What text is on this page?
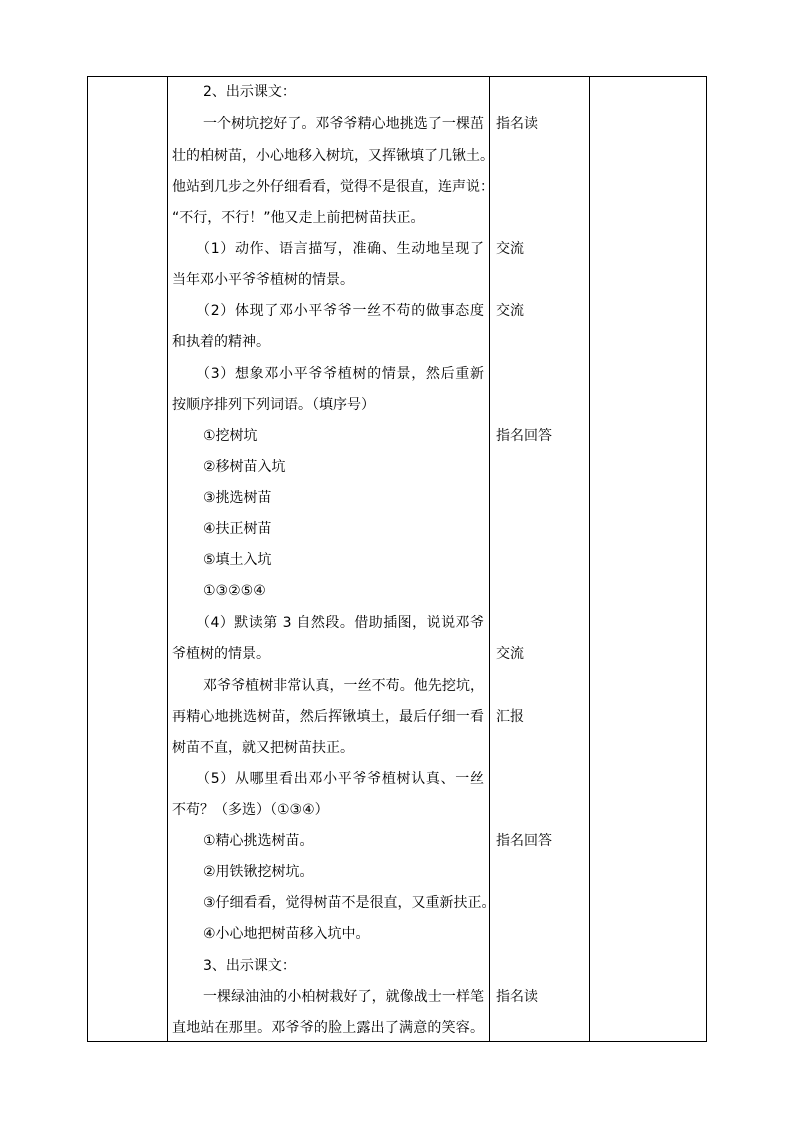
2、出示课文：
一个树坑挖好了。邓爷爷精心地挑选了一棵茁
壮的柏树苗，小心地移入树坑，又挥锹填了几锹土。
他站到几步之外仔细看看，觉得不是很直，连声说：
“不行，不行！”他又走上前把树苗扶正。
（1）动作、语言描写，准确、生动地呈现了
当年邓小平爷爷植树的情景。
（2）体现了邓小平爷爷一丝不苟的做事态度
和执着的精神。
（3）想象邓小平爷爷植树的情景，然后重新
按顺序排列下列词语。（填序号）
①挖树坑
②移树苗入坑
③挑选树苗
④扶正树苗
⑤填土入坑
①③②⑤④
（4）默读第 3 自然段。借助插图，说说邓爷
爷植树的情景。
邓爷爷植树非常认真，一丝不苟。他先挖坑，
再精心地挑选树苗，然后挥锹填土，最后仔细一看
树苗不直，就又把树苗扶正。
（5）从哪里看出邓小平爷爷植树认真、一丝
不苟？（多选）（①③④）
①精心挑选树苗。
②用铁锹挖树坑。
③仔细看看，觉得树苗不是很直，又重新扶正。
④小心地把树苗移入坑中。
3、出示课文：
一棵绿油油的小柏树栽好了，就像战士一样笔
直地站在那里。邓爷爷的脸上露出了满意的笑容。
指名读
交流
交流
指名回答
交流
汇报
指名回答
指名读
